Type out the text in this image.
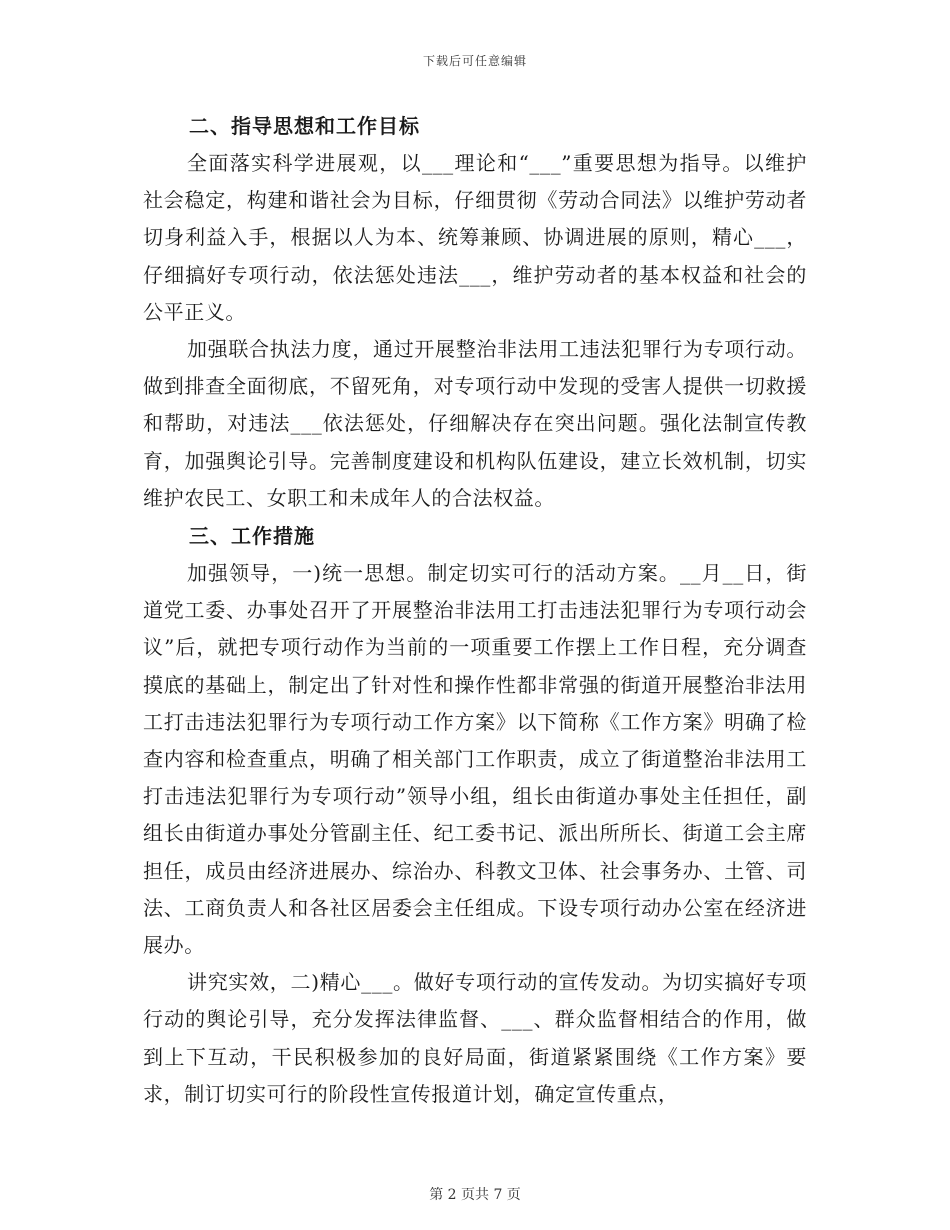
下载后可任意编辑
二、指导思想和工作目标

全面落实科学进展观，以___理论和“___”重要思想为指导。以维护社会稳定，构建和谐社会为目标，仔细贯彻《劳动合同法》以维护劳动者切身利益入手，根据以人为本、统筹兼顾、协调进展的原则，精心___，仔细搞好专项行动，依法惩处违法___，维护劳动者的基本权益和社会的公平正义。

加强联合执法力度，通过开展整治非法用工违法犯罪行为专项行动。做到排查全面彻底，不留死角，对专项行动中发现的受害人提供一切救援和帮助，对违法___依法惩处，仔细解决存在突出问题。强化法制宣传教育，加强舆论引导。完善制度建设和机构队伍建设，建立长效机制，切实维护农民工、女职工和未成年人的合法权益。

三、工作措施

加强领导，一)统一思想。制定切实可行的活动方案。__月__日，街道党工委、办事处召开了开展整治非法用工打击违法犯罪行为专项行动会议”后，就把专项行动作为当前的一项重要工作摆上工作日程，充分调查摸底的基础上，制定出了针对性和操作性都非常强的街道开展整治非法用工打击违法犯罪行为专项行动工作方案》以下简称《工作方案》明确了检查内容和检查重点，明确了相关部门工作职责，成立了街道整治非法用工打击违法犯罪行为专项行动”领导小组，组长由街道办事处主任担任，副组长由街道办事处分管副主任、纪工委书记、派出所所长、街道工会主席担任，成员由经济进展办、综治办、科教文卫体、社会事务办、土管、司法、工商负责人和各社区居委会主任组成。下设专项行动办公室在经济进展办。

讲究实效，二)精心___。做好专项行动的宣传发动。为切实搞好专项行动的舆论引导，充分发挥法律监督、___、群众监督相结合的作用，做到上下互动，干民积极参加的良好局面，街道紧紧围绕《工作方案》要求，制订切实可行的阶段性宣传报道计划，确定宣传重点，

第 2 页共 7 页
